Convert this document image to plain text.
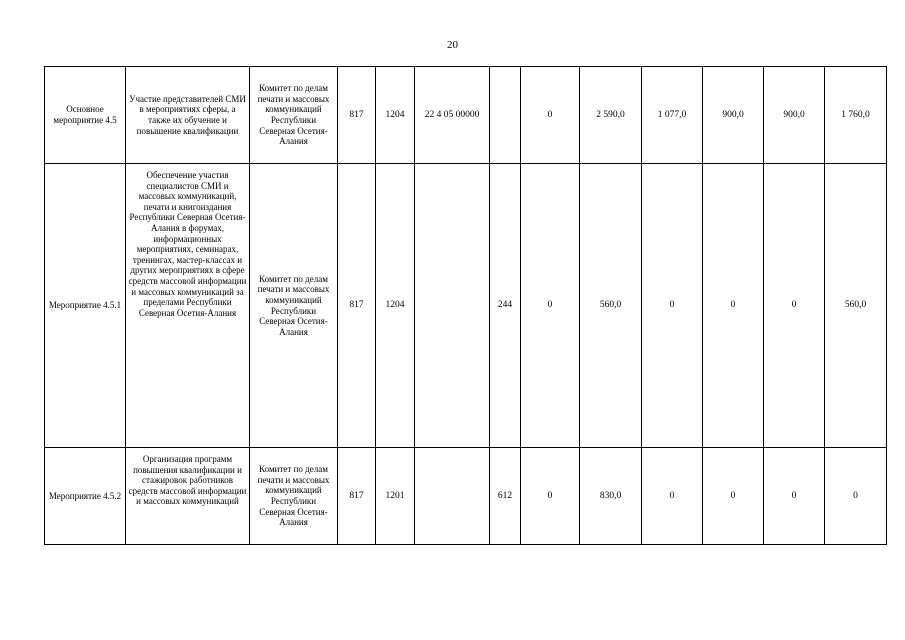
20
Основное мероприятие 4.5	Участие представителей СМИ в мероприятиях сферы, а также их обучение и повышение квалификации	Комитет по делам печати и массовых коммуникаций Республики Северная Осетия-Алания	817	1204	22 4 05 00000		0	2 590,0	1 077,0	900,0	900,0	1 760,0
Мероприятие 4.5.1	Обеспечение участия специалистов СМИ и массовых коммуникаций, печати и книгоиздания Республики Северная Осетия-Алания в форумах, информационных мероприятиях, семинарах, тренингах, мастер-классах и других мероприятиях в сфере средств массовой информации и массовых коммуникаций за пределами Республики Северная Осетия-Алания	Комитет по делам печати и массовых коммуникаций Республики Северная Осетия-Алания	817	1204		244	0	560,0	0	0	0	560,0
Мероприятие 4.5.2	Организация программ повышения квалификации и стажировок работников средств массовой информации и массовых коммуникаций	Комитет по делам печати и массовых коммуникаций Республики Северная Осетия-Алания	817	1201		612	0	830,0	0	0	0	0
